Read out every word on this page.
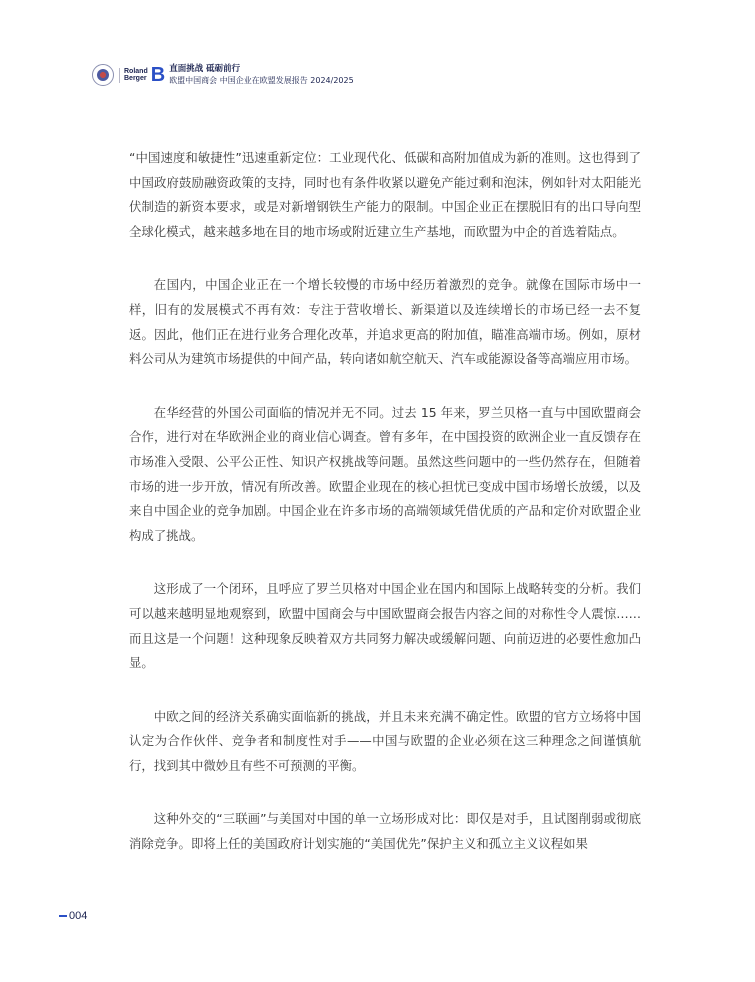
Roland
Berger B 直面挑战 砥砺前行
欧盟中国商会 中国企业在欧盟发展报告 2024/2025

“中国速度和敏捷性”迅速重新定位：工业现代化、低碳和高附加值成为新的准则。这也得到了中国政府鼓励融资政策的支持，同时也有条件收紧以避免产能过剩和泡沫，例如针对太阳能光伏制造的新资本要求，或是对新增钢铁生产能力的限制。中国企业正在摆脱旧有的出口导向型全球化模式，越来越多地在目的地市场或附近建立生产基地，而欧盟为中企的首选着陆点。

在国内，中国企业正在一个增长较慢的市场中经历着激烈的竞争。就像在国际市场中一样，旧有的发展模式不再有效：专注于营收增长、新渠道以及连续增长的市场已经一去不复返。因此，他们正在进行业务合理化改革，并追求更高的附加值，瞄准高端市场。例如，原材料公司从为建筑市场提供的中间产品，转向诸如航空航天、汽车或能源设备等高端应用市场。

在华经营的外国公司面临的情况并无不同。过去 15 年来，罗兰贝格一直与中国欧盟商会合作，进行对在华欧洲企业的商业信心调查。曾有多年，在中国投资的欧洲企业一直反馈存在市场准入受限、公平公正性、知识产权挑战等问题。虽然这些问题中的一些仍然存在，但随着市场的进一步开放，情况有所改善。欧盟企业现在的核心担忧已变成中国市场增长放缓，以及来自中国企业的竞争加剧。中国企业在许多市场的高端领域凭借优质的产品和定价对欧盟企业构成了挑战。

这形成了一个闭环，且呼应了罗兰贝格对中国企业在国内和国际上战略转变的分析。我们可以越来越明显地观察到，欧盟中国商会与中国欧盟商会报告内容之间的对称性令人震惊……而且这是一个问题！这种现象反映着双方共同努力解决或缓解问题、向前迈进的必要性愈加凸显。

中欧之间的经济关系确实面临新的挑战，并且未来充满不确定性。欧盟的官方立场将中国认定为合作伙伴、竞争者和制度性对手——中国与欧盟的企业必须在这三种理念之间谨慎航行，找到其中微妙且有些不可预测的平衡。

这种外交的“三联画”与美国对中国的单一立场形成对比：即仅是对手，且试图削弱或彻底消除竞争。即将上任的美国政府计划实施的“美国优先”保护主义和孤立主义议程如果

004
